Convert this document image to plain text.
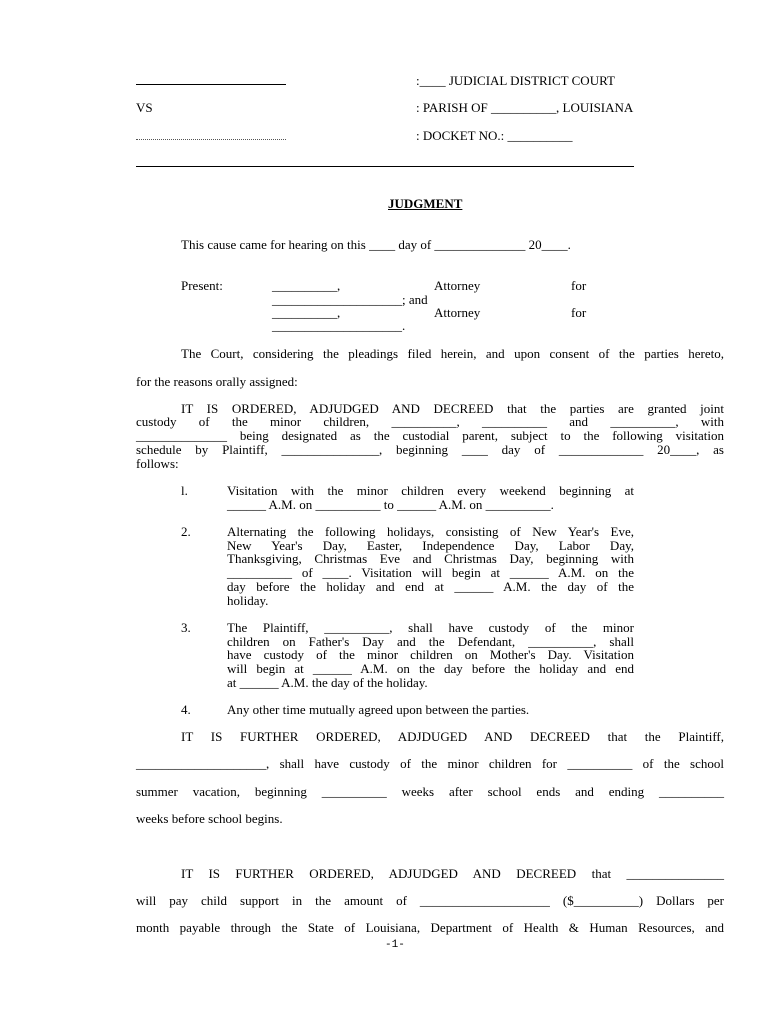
:____ JUDICIAL DISTRICT COURT
VS	: PARISH OF __________, LOUISIANA
: DOCKET NO.: __________
JUDGMENT
This cause came for hearing on this ____ day of ______________ 20____.
Present:	__________,	Attorney	for
____________________; and
__________,	Attorney	for
____________________.
The Court, considering the pleadings filed herein, and upon consent of the parties hereto,
for the reasons orally assigned:
IT IS ORDERED, ADJUDGED AND DECREED that the parties are granted joint
custody of the minor children, __________, __________ and __________, with
______________ being designated as the custodial parent, subject to the following visitation
schedule by Plaintiff, _______________, beginning ____ day of _____________ 20____, as
follows:
l.	Visitation with the minor children every weekend beginning at
______ A.M. on __________ to ______ A.M. on __________.
2.	Alternating the following holidays, consisting of New Year's Eve,
New Year's Day, Easter, Independence Day, Labor Day,
Thanksgiving, Christmas Eve and Christmas Day, beginning with
__________ of ____. Visitation will begin at ______ A.M. on the
day before the holiday and end at ______ A.M. the day of the
holiday.
3.	The Plaintiff, __________, shall have custody of the minor
children on Father's Day and the Defendant, __________, shall
have custody of the minor children on Mother's Day. Visitation
will begin at ______ A.M. on the day before the holiday and end
at ______ A.M. the day of the holiday.
4.	Any other time mutually agreed upon between the parties.
IT IS FURTHER ORDERED, ADJDUGED AND DECREED that the Plaintiff,
____________________, shall have custody of the minor children for __________ of the school
summer vacation, beginning __________ weeks after school ends and ending __________
weeks before school begins.
IT IS FURTHER ORDERED, ADJUDGED AND DECREED that _______________
will pay child support in the amount of ____________________ ($__________) Dollars per
month payable through the State of Louisiana, Department of Health & Human Resources, and
-1-
